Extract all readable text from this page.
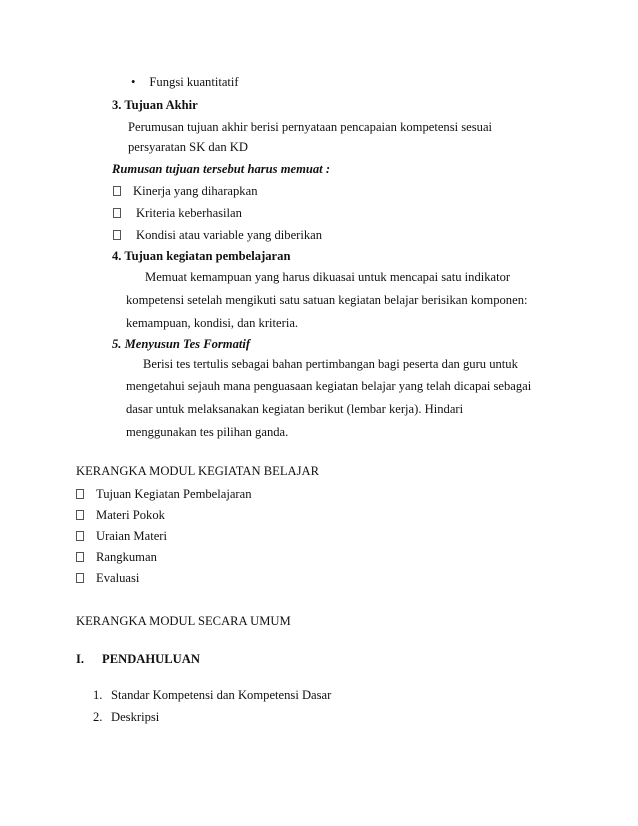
• Fungsi kuantitatif
3. Tujuan Akhir
Perumusan tujuan akhir berisi pernyataan pencapaian kompetensi sesuai
persyaratan SK dan KD
Rumusan tujuan tersebut harus memuat :
Kinerja yang diharapkan
Kriteria keberhasilan
Kondisi atau variable yang diberikan
4. Tujuan kegiatan pembelajaran
Memuat kemampuan yang harus dikuasai untuk mencapai satu indikator
kompetensi setelah mengikuti satu satuan kegiatan belajar berisikan komponen:
kemampuan, kondisi, dan kriteria.
5. Menyusun Tes Formatif
Berisi tes tertulis sebagai bahan pertimbangan bagi peserta dan guru untuk
mengetahui sejauh mana penguasaan kegiatan belajar yang telah dicapai sebagai
dasar untuk melaksanakan kegiatan berikut (lembar kerja). Hindari
menggunakan tes pilihan ganda.
KERANGKA MODUL KEGIATAN BELAJAR
Tujuan Kegiatan Pembelajaran
Materi Pokok
Uraian Materi
Rangkuman
Evaluasi
KERANGKA MODUL SECARA UMUM
I. PENDAHULUAN
1. Standar Kompetensi dan Kompetensi Dasar
2. Deskripsi
